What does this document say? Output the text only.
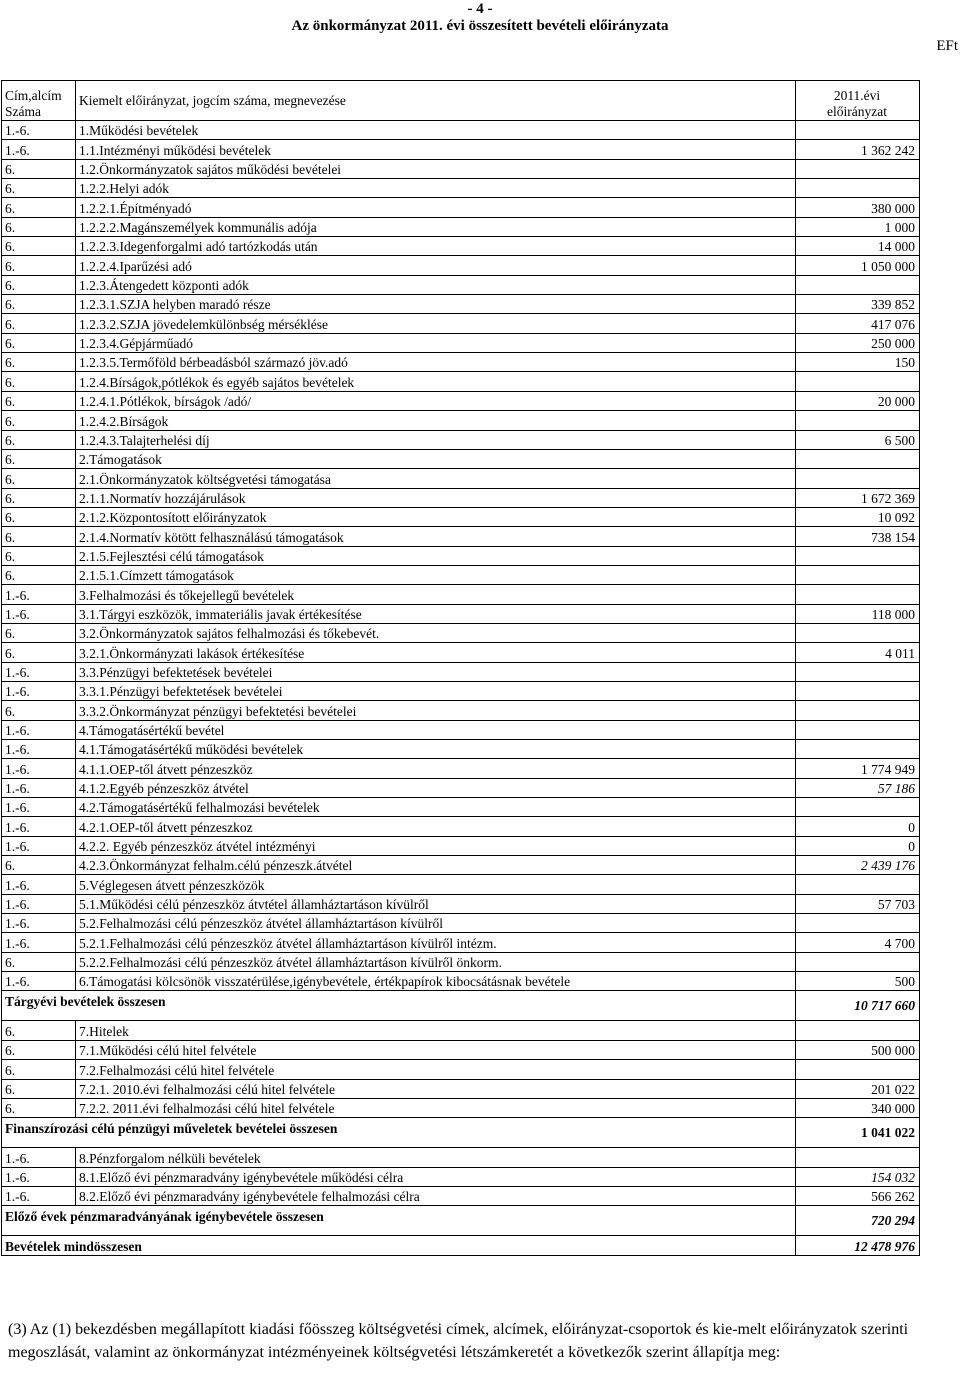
- 4 -
Az önkormányzat 2011. évi összesített bevételi előirányzata
EFt
Cím,alcím
Száma	Kiemelt előirányzat, jogcím száma, megnevezése	2011.évi
előirányzat
1.-6.	1.Működési bevételek	
1.-6.	1.1.Intézményi működési bevételek	1 362 242
6.	1.2.Önkormányzatok sajátos működési bevételei	
6.	1.2.2.Helyi adók	
6.	1.2.2.1.Építményadó	380 000
6.	1.2.2.2.Magánszemélyek kommunális adója	1 000
6.	1.2.2.3.Idegenforgalmi adó tartózkodás után	14 000
6.	1.2.2.4.Iparűzési adó	1 050 000
6.	1.2.3.Átengedett központi adók	
6.	1.2.3.1.SZJA helyben maradó része	339 852
6.	1.2.3.2.SZJA jövedelemkülönbség mérséklése	417 076
6.	1.2.3.4.Gépjárműadó	250 000
6.	1.2.3.5.Termőföld bérbeadásból származó jöv.adó	150
6.	1.2.4.Bírságok,pótlékok és egyéb sajátos bevételek	
6.	1.2.4.1.Pótlékok, bírságok /adó/	20 000
6.	1.2.4.2.Bírságok	
6.	1.2.4.3.Talajterhelési díj	6 500
6.	2.Támogatások	
6.	2.1.Önkormányzatok költségvetési támogatása	
6.	2.1.1.Normatív hozzájárulások	1 672 369
6.	2.1.2.Központosított előirányzatok	10 092
6.	2.1.4.Normatív kötött felhasználású támogatások	738 154
6.	2.1.5.Fejlesztési célú támogatások	
6.	2.1.5.1.Címzett támogatások	
1.-6.	3.Felhalmozási és tőkejellegű bevételek	
1.-6.	3.1.Tárgyi eszközök, immateriális javak értékesítése	118 000
6.	3.2.Önkormányzatok sajátos felhalmozási és tőkebevét.	
6.	3.2.1.Önkormányzati lakások értékesítése	4 011
1.-6.	3.3.Pénzügyi befektetések bevételei	
1.-6.	3.3.1.Pénzügyi befektetések bevételei	
6.	3.3.2.Önkormányzat pénzügyi befektetési bevételei	
1.-6.	4.Támogatásértékű bevétel	
1.-6.	4.1.Támogatásértékű működési bevételek	
1.-6.	4.1.1.OEP-től átvett pénzeszköz	1 774 949
1.-6.	4.1.2.Egyéb pénzeszköz átvétel	57 186
1.-6.	4.2.Támogatásértékű felhalmozási bevételek	
1.-6.	4.2.1.OEP-től átvett pénzeszkoz	0
1.-6.	4.2.2. Egyéb pénzeszköz átvétel intézményi	0
6.	4.2.3.Önkormányzat felhalm.célú pénzeszk.átvétel	2 439 176
1.-6.	5.Véglegesen átvett pénzeszközök	
1.-6.	5.1.Működési célú pénzeszköz átvtétel államháztartáson kívülről	57 703
1.-6.	5.2.Felhalmozási célú pénzeszköz átvétel államháztartáson kívülről	
1.-6.	5.2.1.Felhalmozási célú pénzeszköz átvétel államháztartáson kívülről intézm.	4 700
6.	5.2.2.Felhalmozási célú pénzeszköz átvétel államháztartáson kívülről önkorm.	
1.-6.	6.Támogatási kölcsönök visszatérülése,igénybevétele, értékpapírok kibocsátásnak bevétele	500
Tárgyévi bevételek összesen		10 717 660
6.	7.Hitelek	
6.	7.1.Működési célú hitel felvétele	500 000
6.	7.2.Felhalmozási célú hitel felvétele	
6.	7.2.1. 2010.évi felhalmozási célú hitel felvétele	201 022
6.	7.2.2. 2011.évi felhalmozási célú hitel felvétele	340 000
Finanszírozási célú pénzügyi műveletek bevételei összesen		1 041 022
1.-6.	8.Pénzforgalom nélküli bevételek	
1.-6.	8.1.Előző évi pénzmaradvány igénybevétele működési célra	154 032
1.-6.	8.2.Előző évi pénzmaradvány igénybevétele felhalmozási célra	566 262
Előző évek pénzmaradványának igénybevétele összesen		720 294
Bevételek mindösszesen		12 478 976
(3) Az (1) bekezdésben megállapított kiadási főösszeg költségvetési címek, alcímek, előirányzat-csoportok és kie-melt előirányzatok szerinti megoszlását, valamint az önkormányzat intézményeinek költségvetési létszámkeretét a következők szerint állapítja meg:
